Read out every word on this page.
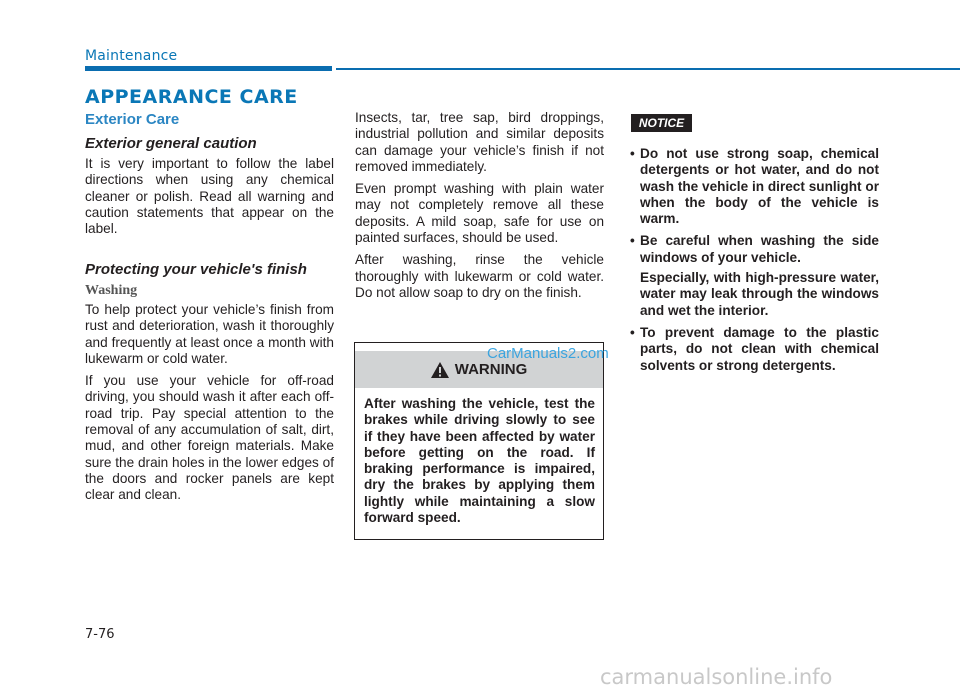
Maintenance
APPEARANCE CARE
Exterior Care
Exterior general caution

It is very important to follow the label directions when using any chemical cleaner or polish. Read all warning and caution statements that appear on the label.

Protecting your vehicle's finish
Washing

To help protect your vehicle’s finish from rust and deterioration, wash it thoroughly and frequently at least once a month with lukewarm or cold water.

If you use your vehicle for off-road driving, you should wash it after each off-road trip. Pay special attention to the removal of any accumulation of salt, dirt, mud, and other foreign materials. Make sure the drain holes in the lower edges of the doors and rocker panels are kept clear and clean.

Insects, tar, tree sap, bird droppings, industrial pollution and similar deposits can damage your vehicle’s finish if not removed immediately.

Even prompt washing with plain water may not completely remove all these deposits. A mild soap, safe for use on painted surfaces, should be used.

After washing, rinse the vehicle thoroughly with lukewarm or cold water. Do not allow soap to dry on the finish.

WARNING
After washing the vehicle, test the brakes while driving slowly to see if they have been affected by water before getting on the road. If braking performance is impaired, dry the brakes by applying them lightly while maintaining a slow forward speed.
CarManuals2.com
NOTICE
• Do not use strong soap, chemical detergents or hot water, and do not wash the vehicle in direct sunlight or when the body of the vehicle is warm.
• Be careful when washing the side windows of your vehicle.

Especially, with high-pressure water, water may leak through the windows and wet the interior.

• To prevent damage to the plastic parts, do not clean with chemical solvents or strong detergents.
7-76
carmanualsonline.info
